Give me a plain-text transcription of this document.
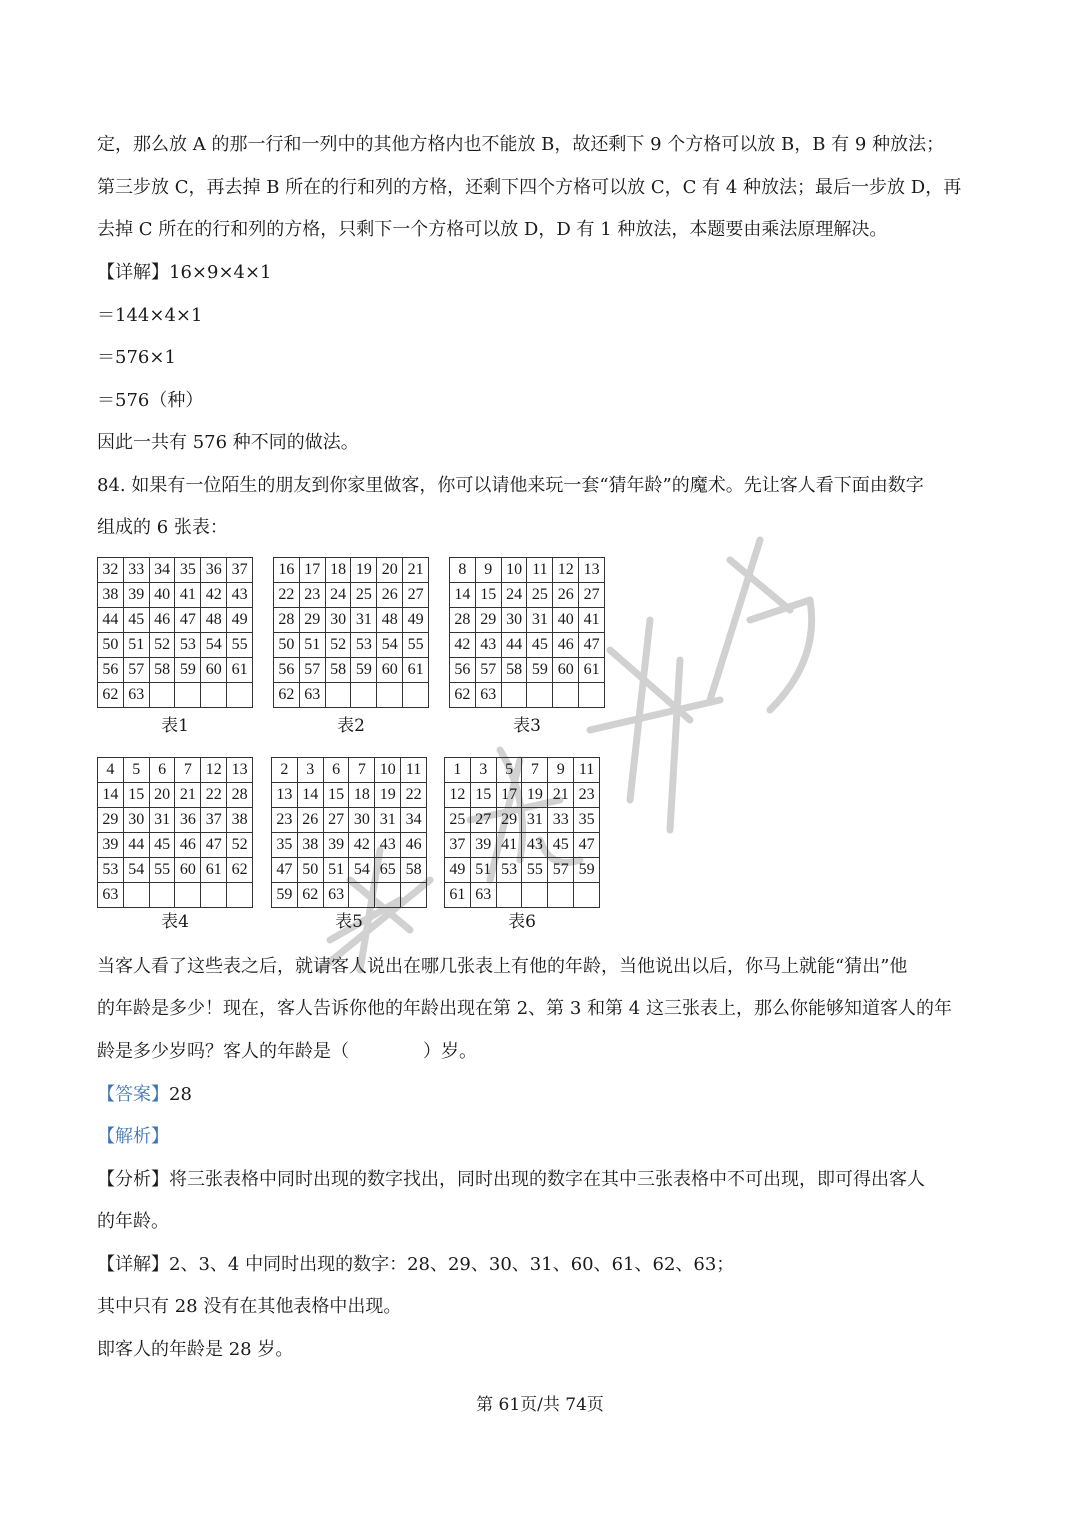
定，那么放 A 的那一行和一列中的其他方格内也不能放 B，故还剩下 9 个方格可以放 B，B 有 9 种放法；
第三步放 C，再去掉 B 所在的行和列的方格，还剩下四个方格可以放 C，C 有 4 种放法；最后一步放 D，再
去掉 C 所在的行和列的方格，只剩下一个方格可以放 D，D 有 1 种放法，本题要由乘法原理解决。
【详解】16×9×4×1
＝144×4×1
＝576×1
＝576（种）
因此一共有 576 种不同的做法。
84. 如果有一位陌生的朋友到你家里做客，你可以请他来玩一套“猜年龄”的魔术。先让客人看下面由数字
组成的 6 张表：
32	33	34	35	36	37
38	39	40	41	42	43
44	45	46	47	48	49
50	51	52	53	54	55
56	57	58	59	60	61
62	63				
表1
16	17	18	19	20	21
22	23	24	25	26	27
28	29	30	31	48	49
50	51	52	53	54	55
56	57	58	59	60	61
62	63				
表2
8	9	10	11	12	13
14	15	24	25	26	27
28	29	30	31	40	41
42	43	44	45	46	47
56	57	58	59	60	61
62	63				
表3
4	5	6	7	12	13
14	15	20	21	22	28
29	30	31	36	37	38
39	44	45	46	47	52
53	54	55	60	61	62
63					
表4
2	3	6	7	10	11
13	14	15	18	19	22
23	26	27	30	31	34
35	38	39	42	43	46
47	50	51	54	65	58
59	62	63			
表5
1	3	5	7	9	11
12	15	17	19	21	23
25	27	29	31	33	35
37	39	41	43	45	47
49	51	53	55	57	59
61	63				
表6
当客人看了这些表之后，就请客人说出在哪几张表上有他的年龄，当他说出以后，你马上就能“猜出”他
的年龄是多少！现在，客人告诉你他的年龄出现在第 2、第 3 和第 4 这三张表上，那么你能够知道客人的年
龄是多少岁吗？客人的年龄是（	）岁。
【答案】28
【解析】
【分析】将三张表格中同时出现的数字找出，同时出现的数字在其中三张表格中不可出现，即可得出客人
的年龄。
【详解】2、3、4 中同时出现的数字：28、29、30、31、60、61、62、63；
其中只有 28 没有在其他表格中出现。
即客人的年龄是 28 岁。
第 61页/共 74页
